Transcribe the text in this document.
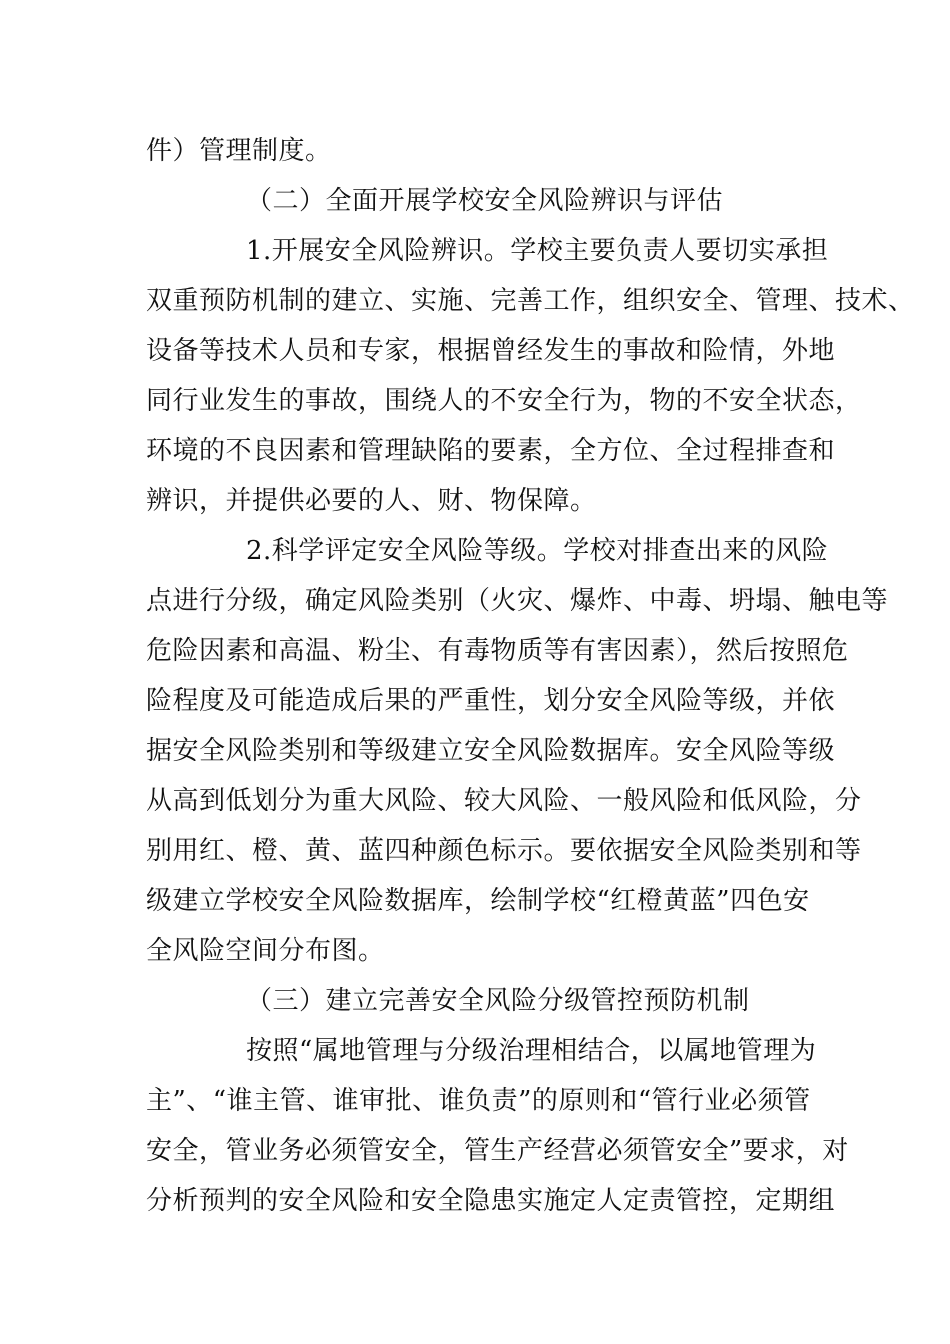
件）管理制度。
（二）全面开展学校安全风险辨识与评估
1.开展安全风险辨识。学校主要负责人要切实承担
双重预防机制的建立、实施、完善工作，组织安全、管理、技术、
设备等技术人员和专家，根据曾经发生的事故和险情，外地
同行业发生的事故，围绕人的不安全行为，物的不安全状态，
环境的不良因素和管理缺陷的要素，全方位、全过程排查和
辨识，并提供必要的人、财、物保障。
2.科学评定安全风险等级。学校对排查出来的风险
点进行分级，确定风险类别（火灾、爆炸、中毒、坍塌、触电等
危险因素和高温、粉尘、有毒物质等有害因素），然后按照危
险程度及可能造成后果的严重性，划分安全风险等级，并依
据安全风险类别和等级建立安全风险数据库。安全风险等级
从高到低划分为重大风险、较大风险、一般风险和低风险，分
别用红、橙、黄、蓝四种颜色标示。要依据安全风险类别和等
级建立学校安全风险数据库，绘制学校“红橙黄蓝”四色安
全风险空间分布图。
（三）建立完善安全风险分级管控预防机制
按照“属地管理与分级治理相结合，以属地管理为
主”、“谁主管、谁审批、谁负责”的原则和“管行业必须管
安全，管业务必须管安全，管生产经营必须管安全”要求，对
分析预判的安全风险和安全隐患实施定人定责管控，定期组
